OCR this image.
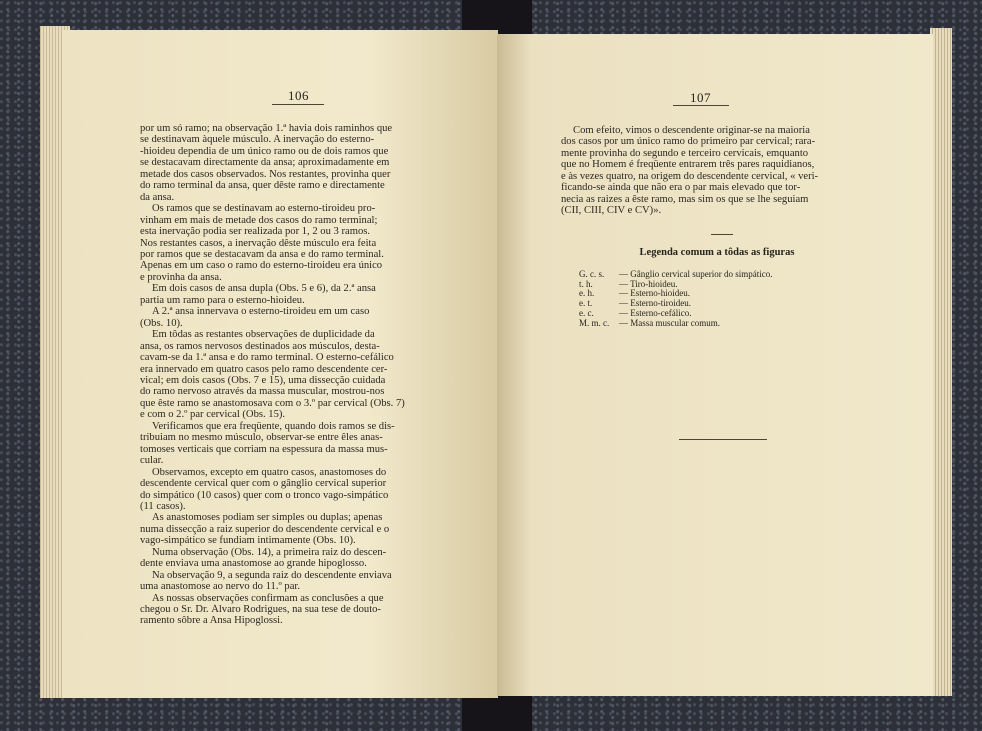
106
por um só ramo; na observação 1.ª havia dois raminhos que
se destinavam àquele músculo. A inervação do esterno-
-hioideu dependia de um único ramo ou de dois ramos que
se destacavam directamente da ansa; aproximadamente em
metade dos casos observados. Nos restantes, provinha quer
do ramo terminal da ansa, quer dêste ramo e directamente
da ansa.
Os ramos que se destinavam ao esterno-tiroideu pro-
vinham em mais de metade dos casos do ramo terminal;
esta inervação podia ser realizada por 1, 2 ou 3 ramos.
Nos restantes casos, a inervação dêste músculo era feita
por ramos que se destacavam da ansa e do ramo terminal.
Apenas em um caso o ramo do esterno-tiroideu era único
e provinha da ansa.
Em dois casos de ansa dupla (Obs. 5 e 6), da 2.ª ansa
partia um ramo para o esterno-hioideu.
A 2.ª ansa innervava o esterno-tiroideu em um caso
(Obs. 10).
Em tôdas as restantes observações de duplicidade da
ansa, os ramos nervosos destinados aos músculos, desta-
cavam-se da 1.ª ansa e do ramo terminal. O esterno-cefálico
era innervado em quatro casos pelo ramo descendente cer-
vical; em dois casos (Obs. 7 e 15), uma dissecção cuidada
do ramo nervoso através da massa muscular, mostrou-nos
que êste ramo se anastomosava com o 3.º par cervical (Obs. 7)
e com o 2.º par cervical (Obs. 15).
Verificamos que era freqüente, quando dois ramos se dis-
tribuiam no mesmo músculo, observar-se entre êles anas-
tomoses verticais que corriam na espessura da massa mus-
cular.
Observamos, excepto em quatro casos, anastomoses do
descendente cervical quer com o gânglio cervical superior
do simpático (10 casos) quer com o tronco vago-simpático
(11 casos).
As anastomoses podiam ser simples ou duplas; apenas
numa dissecção a raiz superior do descendente cervical e o
vago-simpático se fundiam intimamente (Obs. 10).
Numa observação (Obs. 14), a primeira raiz do descen-
dente enviava uma anastomose ao grande hipoglosso.
Na observação 9, a segunda raiz do descendente enviava
uma anastomose ao nervo do 11.º par.
As nossas observações confirmam as conclusões a que
chegou o Sr. Dr. Álvaro Rodrigues, na sua tese de douto-
ramento sôbre a Ansa Hipoglossi.
107
Com efeito, vimos o descendente originar-se na maioria
dos casos por um único ramo do primeiro par cervical; rara-
mente provinha do segundo e terceiro cervicais, emquanto
que no Homem é freqüente entrarem três pares raquidianos,
e às vezes quatro, na origem do descendente cervical, « veri-
ficando-se ainda que não era o par mais elevado que tor-
necia as raizes a êste ramo, mas sim os que se lhe seguiam
(CII, CIII, CIV e CV)».
Legenda comum a tôdas as figuras
G. c. s.	— Gânglio cervical superior do simpático.
t. h.	— Tiro-hioideu.
e. h.	— Esterno-hioideu.
e. t.	— Esterno-tiroideu.
e. c.	— Esterno-cefálico.
M. m. c.	— Massa muscular comum.
